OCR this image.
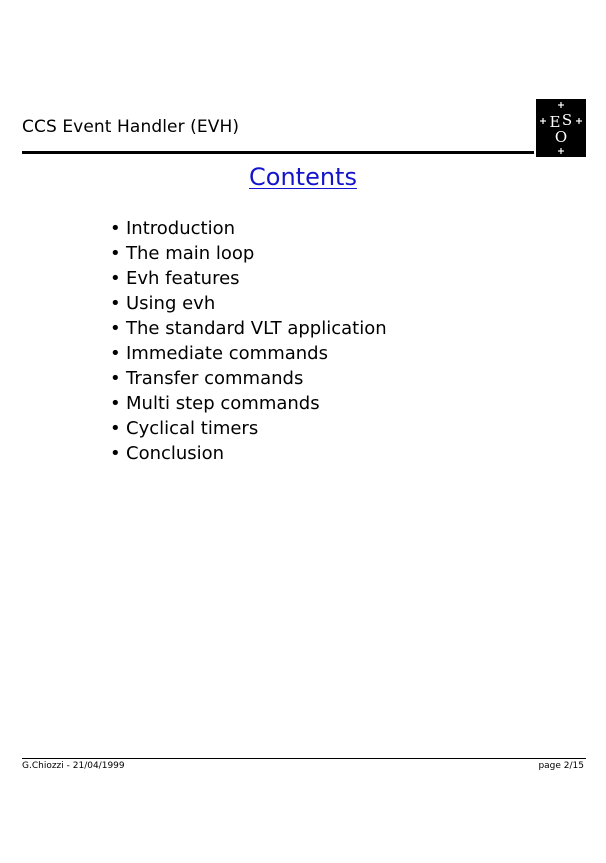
CCS Event Handler (EVH)	E S
O
Contents
• Introduction
• The main loop
• Evh features
• Using evh
• The standard VLT application
• Immediate commands
• Transfer commands
• Multi step commands
• Cyclical timers
• Conclusion
G.Chiozzi - 21/04/1999	page 2/15
